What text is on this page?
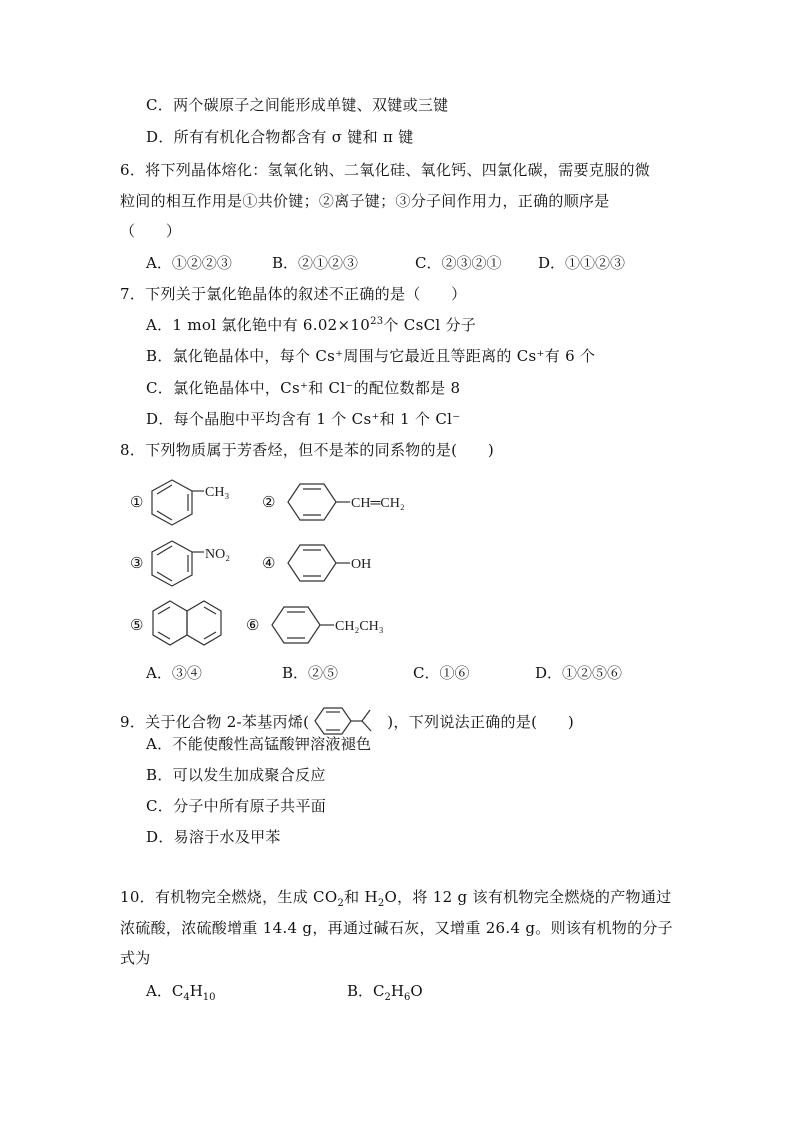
C．两个碳原子之间能形成单键、双键或三键
D．所有有机化合物都含有 σ 键和 π 键
6．将下列晶体熔化：氢氧化钠、二氧化硅、氧化钙、四氯化碳，需要克服的微
粒间的相互作用是①共价键；②离子键；③分子间作用力，正确的顺序是
（　　）
A．①②②③	B．②①②③	C．②③②① D．①①②③
7．下列关于氯化铯晶体的叙述不正确的是（　　）
A．1 mol 氯化铯中有 $6.02\times 10^{23}$个 CsCl 分子
B．氯化铯晶体中，每个 Cs⁺周围与它最近且等距离的 Cs⁺有 6 个
C．氯化铯晶体中，Cs⁺和 Cl⁻的配位数都是 8
D．每个晶胞中平均含有 1 个 Cs⁺和 1 个 Cl⁻
8．下列物质属于芳香烃，但不是苯的同系物的是(　　)
①
CH₃
②	CH═CH₂
③	NO₂ ④	OH
⑤	⑥	CH₂CH₃
A．③④	B．②⑤	C．①⑥	D．①②⑤⑥
9．关于化合物 2-苯基丙烯(	)，下列说法正确的是(　　)
A．不能使酸性高锰酸钾溶液褪色
B．可以发生加成聚合反应
C．分子中所有原子共平面
D．易溶于水及甲苯
10．有机物完全燃烧，生成 $CO_2$和 $H_2O$，将 12 g 该有机物完全燃烧的产物通过
浓硫酸，浓硫酸增重 14.4 g，再通过碱石灰，又增重 26.4 g。则该有机物的分子
式为
A．$C_4H_{10}$	B．$C_2H_6O$
